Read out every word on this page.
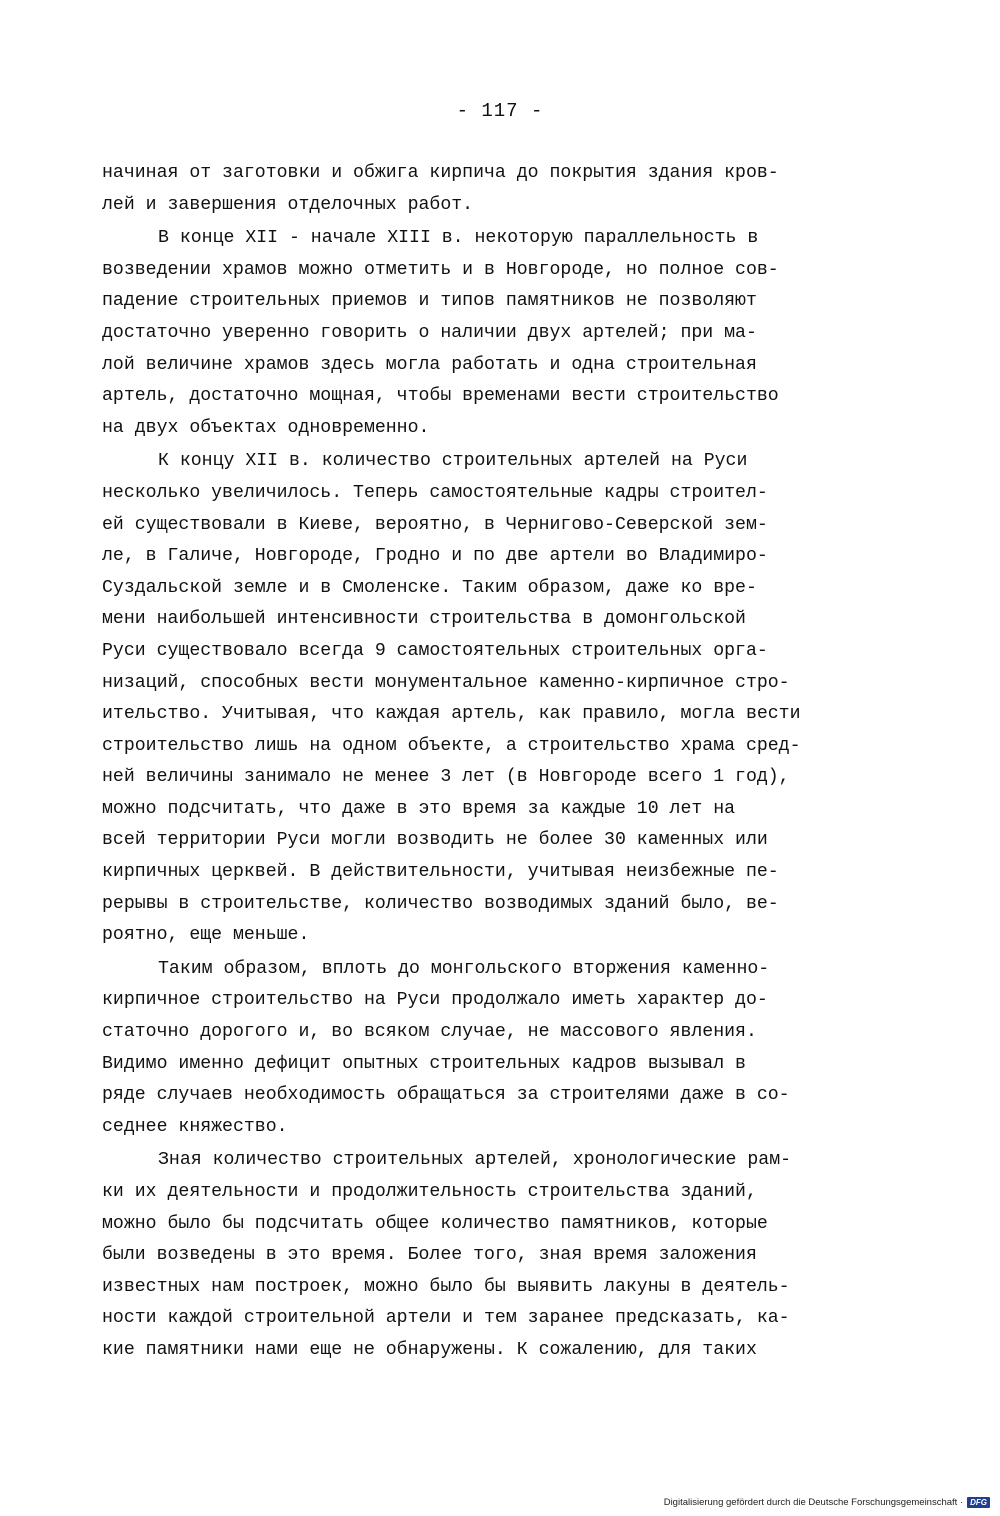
- 117 -
начиная от заготовки и обжига кирпича до покрытия здания кров-
лей и завершения отделочных работ.
В конце XII - начале XIII в. некоторую параллельность в
возведении храмов можно отметить и в Новгороде, но полное сов-
падение строительных приемов и типов памятников не позволяют
достаточно уверенно говорить о наличии двух артелей; при ма-
лой величине храмов здесь могла работать и одна строительная
артель, достаточно мощная, чтобы временами вести строительство
на двух объектах одновременно.
К концу XII в. количество строительных артелей на Руси
несколько увеличилось. Теперь самостоятельные кадры строител-
ей существовали в Киеве, вероятно, в Чернигово-Северской зем-
ле, в Галиче, Новгороде, Гродно и по две артели во Владимиро-
Суздальской земле и в Смоленске. Таким образом, даже ко вре-
мени наибольшей интенсивности строительства в домонгольской
Руси существовало всегда 9 самостоятельных строительных орга-
низаций, способных вести монументальное каменно-кирпичное стро-
ительство. Учитывая, что каждая артель, как правило, могла вести
строительство лишь на одном объекте, а строительство храма сред-
ней величины занимало не менее 3 лет (в Новгороде всего 1 год),
можно подсчитать, что даже в это время за каждые 10 лет на
всей территории Руси могли возводить не более 30 каменных или
кирпичных церквей. В действительности, учитывая неизбежные пе-
рерывы в строительстве, количество возводимых зданий было, ве-
роятно, еще меньше.
Таким образом, вплоть до монгольского вторжения каменно-
кирпичное строительство на Руси продолжало иметь характер до-
статочно дорогого и, во всяком случае, не массового явления.
Видимо именно дефицит опытных строительных кадров вызывал в
ряде случаев необходимость обращаться за строителями даже в со-
седнее княжество.
Зная количество строительных артелей, хронологические рам-
ки их деятельности и продолжительность строительства зданий,
можно было бы подсчитать общее количество памятников, которые
были возведены в это время. Более того, зная время заложения
известных нам построек, можно было бы выявить лакуны в деятель-
ности каждой строительной артели и тем заранее предсказать, ка-
кие памятники нами еще не обнаружены. К сожалению, для таких
Digitalisierung gefördert durch die Deutsche Forschungsgemeinschaft · DFG
